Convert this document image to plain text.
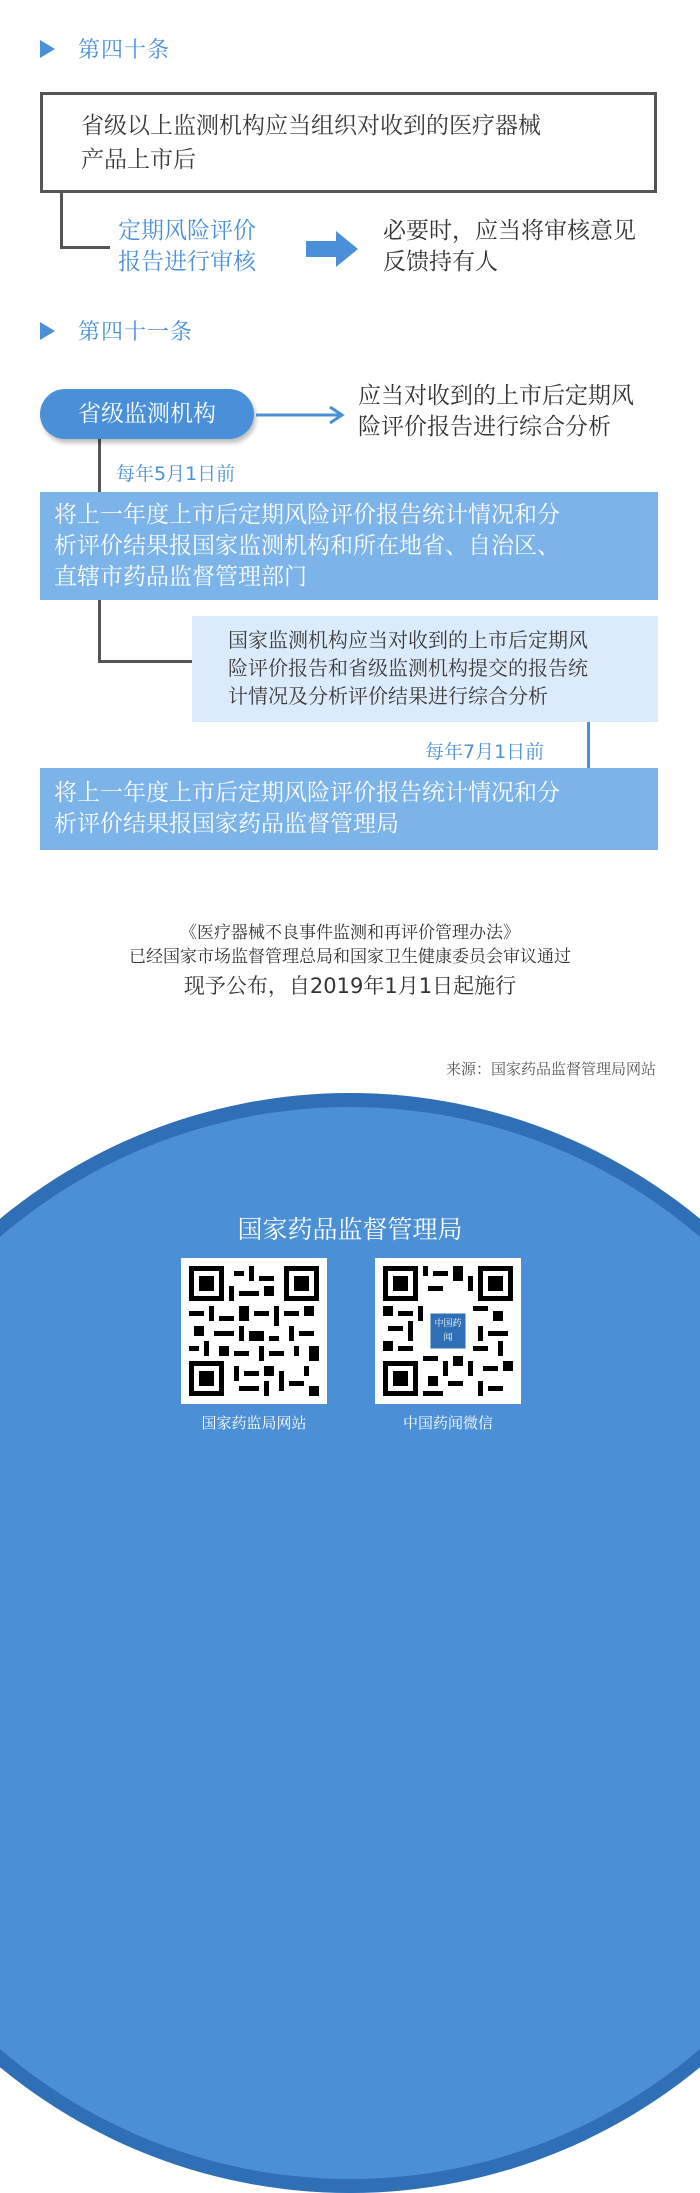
第四十条
省级以上监测机构应当组织对收到的医疗器械
产品上市后
定期风险评价
报告进行审核
必要时，应当将审核意见
反馈持有人
第四十一条
省级监测机构
应当对收到的上市后定期风
险评价报告进行综合分析
每年5月1日前
将上一年度上市后定期风险评价报告统计情况和分
析评价结果报国家监测机构和所在地省、自治区、
直辖市药品监督管理部门
国家监测机构应当对收到的上市后定期风
险评价报告和省级监测机构提交的报告统
计情况及分析评价结果进行综合分析
每年7月1日前
将上一年度上市后定期风险评价报告统计情况和分
析评价结果报国家药品监督管理局
《医疗器械不良事件监测和再评价管理办法》
已经国家市场监督管理总局和国家卫生健康委员会审议通过
现予公布，自2019年1月1日起施行
来源：国家药品监督管理局网站
国家药品监督管理局
国家药监局网站
中国药闻
中国药闻微信
